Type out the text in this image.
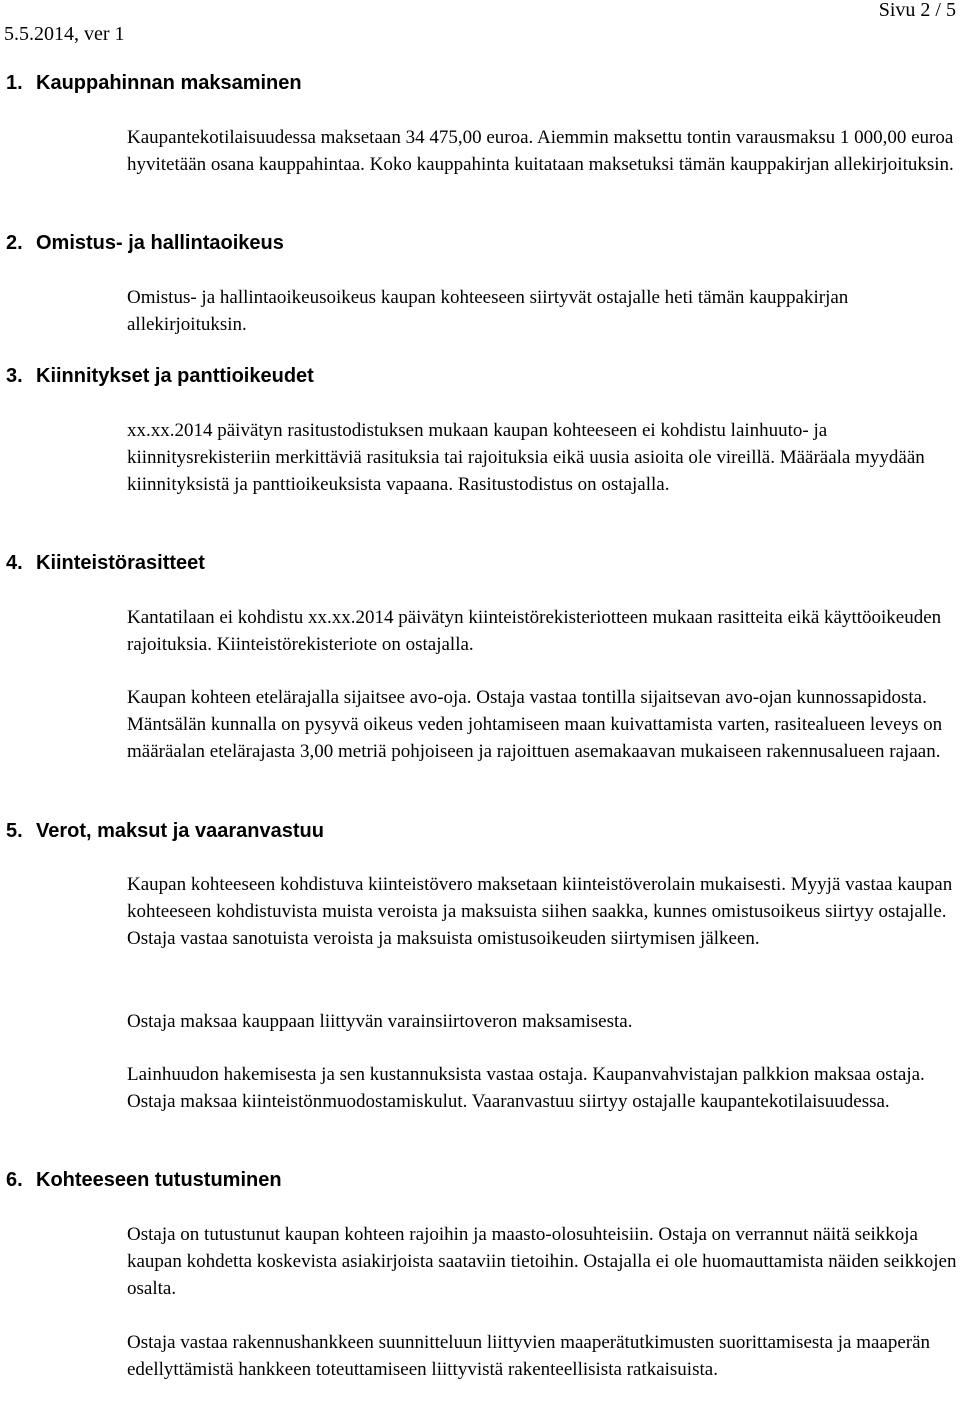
Sivu 2 / 5
5.5.2014, ver 1
1. Kauppahinnan maksaminen

Kaupantekotilaisuudessa maksetaan 34 475,00 euroa. Aiemmin maksettu tontin varausmaksu 1 000,00 euroa hyvitetään osana kauppahintaa. Koko kauppahinta kuitataan maksetuksi tämän kauppakirjan allekirjoituksin.

2. Omistus- ja hallintaoikeus

Omistus- ja hallintaoikeusoikeus kaupan kohteeseen siirtyvät ostajalle heti tämän kauppakirjan allekirjoituksin.

3. Kiinnitykset ja panttioikeudet

xx.xx.2014 päivätyn rasitustodistuksen mukaan kaupan kohteeseen ei kohdistu lainhuuto- ja kiinnitysrekisteriin merkittäviä rasituksia tai rajoituksia eikä uusia asioita ole vireillä. Määräala myydään kiinnityksistä ja panttioikeuksista vapaana. Rasitustodistus on ostajalla.

4. Kiinteistörasitteet

Kantatilaan ei kohdistu xx.xx.2014 päivätyn kiinteistörekisteriotteen mukaan rasitteita eikä käyttöoikeuden rajoituksia. Kiinteistörekisteriote on ostajalla.

Kaupan kohteen etelärajalla sijaitsee avo-oja. Ostaja vastaa tontilla sijaitsevan avo-ojan kunnossapidosta. Mäntsälän kunnalla on pysyvä oikeus veden johtamiseen maan kuivattamista varten, rasitealueen leveys on määräalan etelärajasta 3,00 metriä pohjoiseen ja rajoittuen asemakaavan mukaiseen rakennusalueen rajaan.

5. Verot, maksut ja vaaranvastuu

Kaupan kohteeseen kohdistuva kiinteistövero maksetaan kiinteistöverolain mukaisesti. Myyjä vastaa kaupan kohteeseen kohdistuvista muista veroista ja maksuista siihen saakka, kunnes omistusoikeus siirtyy ostajalle. Ostaja vastaa sanotuista veroista ja maksuista omistusoikeuden siirtymisen jälkeen.

Ostaja maksaa kauppaan liittyvän varainsiirtoveron maksamisesta.

Lainhuudon hakemisesta ja sen kustannuksista vastaa ostaja. Kaupanvahvistajan palkkion maksaa ostaja. Ostaja maksaa kiinteistönmuodostamiskulut. Vaaranvastuu siirtyy ostajalle kaupantekotilaisuudessa.

6. Kohteeseen tutustuminen

Ostaja on tutustunut kaupan kohteen rajoihin ja maasto-olosuhteisiin. Ostaja on verrannut näitä seikkoja kaupan kohdetta koskevista asiakirjoista saataviin tietoihin. Ostajalla ei ole huomauttamista näiden seikkojen osalta.

Ostaja vastaa rakennushankkeen suunnitteluun liittyvien maaperätutkimusten suorittamisesta ja maaperän edellyttämistä hankkeen toteuttamiseen liittyvistä rakenteellisista ratkaisuista.
